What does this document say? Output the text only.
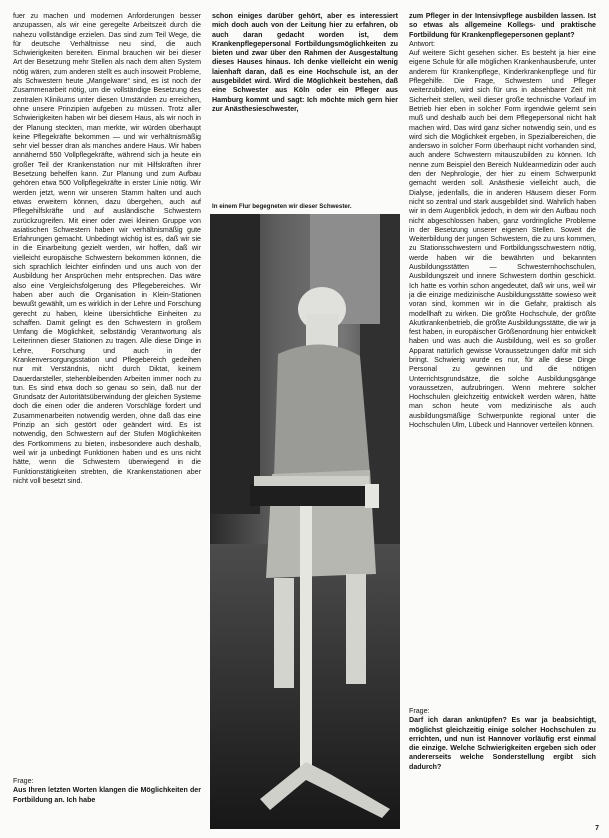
fuer zu machen und modernen Anforderungen besser anzupassen, als wir eine geregelte Arbeitszeit durch die nahezu vollständige erzielen. Das sind zum Teil Wege, die für deutsche Verhältnisse neu sind, die auch Schwierigkeiten bereiten. Einmal brauchen wir bei dieser Art der Besetzung mehr Stellen als nach dem alten System nötig wären, zum anderen stellt es auch insoweit Probleme, als Schwestern heute „Mangelware“ sind, es ist noch der Zusammenarbeit nötig, um die vollständige Besetzung des zentralen Klinikums unter diesen Umständen zu erreichen, ohne unsere Prinzipien aufgeben zu müssen. Trotz aller Schwierigkeiten haben wir bei diesem Haus, als wir noch in der Planung steckten, man merkte, wir würden überhaupt keine Pflegekräfte bekommen — und wir verhältnismäßig sehr viel besser dran als manches andere Haus. Wir haben annähernd 550 Vollpflegekräfte, während sich ja heute ein großer Teil der Krankenstation nur mit Hilfskräften ihrer Besetzung behelfen kann. Zur Planung und zum Aufbau gehören etwa 500 Vollpflegekräfte in erster Linie nötig. Wir werden jetzt, wenn wir unseren Stamm halten und auch etwas erweitern können, dazu übergehen, auch auf Pflegehilfskräfte und auf ausländische Schwestern zurückzugreifen. Mit einer oder zwei kleinen Gruppe von asiatischen Schwestern haben wir verhältnismäßig gute Erfahrungen gemacht. Unbedingt wichtig ist es, daß wir sie in die Einarbeitung gezielt werden, wir hoffen, daß wir vielleicht europäische Schwestern bekommen können, die sich sprachlich leichter einfinden und uns auch von der Ausbildung her Ansprüchen mehr entsprechen. Das wäre also eine Vergleichsfolgerung des Pflegebereiches. Wir haben aber auch die Organisation in Klein-Stationen bewußt gewählt, um es wirklich in der Lehre und Forschung gerecht zu haben, kleine übersichtliche Einheiten zu schaffen. Damit gelingt es den Schwestern in großem Umfang die Möglichkeit, selbständig Verantwortung als Leiterinnen dieser Stationen zu tragen. Alle diese Dinge in Lehre, Forschung und auch in der Krankenversorgungsstation und Pflegebereich gedeihen nur mit Verständnis, nicht durch Diktat, keinem Dauerdarsteller, stehenbleibenden Arbeiten immer noch zu tun. Es sind etwa doch so genau so sein, daß nur der Grundsatz der Autoritätsüberwindung der gleichen Systeme doch die einen oder die anderen Vorschläge fordert und Zusammenarbeiten notwendig werden, ohne daß das eine Prinzip an sich gestört oder geändert wird. Es ist notwendig, den Schwestern auf der Stufen Möglichkeiten des Fortkommens zu bieten, insbesondere auch deshalb, weil wir ja unbedingt Funktionen haben und es uns nicht hätte, wenn die Schwestern überwiegend in die Funktionstätigkeiten strebten, die Krankenstationen aber nicht voll besetzt sind.

Frage:

Aus Ihren letzten Worten klangen die Möglichkeiten der Fortbildung an. Ich habe

schon einiges darüber gehört, aber es interessiert mich doch auch von der Leitung hier zu erfahren, ob auch daran gedacht worden ist, dem Krankenpflegepersonal Fortbildungsmöglichkeiten zu bieten und zwar über den Rahmen der Ausgestaltung dieses Hauses hinaus. Ich denke vielleicht ein wenig laienhaft daran, daß es eine Hochschule ist, an der ausgebildet wird. Wird die Möglichkeit bestehen, daß eine Schwester aus Köln oder ein Pfleger aus Hamburg kommt und sagt: Ich möchte mich gern hier zur Anästhesieschwester,

In einem Flur begegneten wir dieser Schwester.

zum Pfleger in der Intensivpflege ausbilden lassen. Ist so etwas als allgemeine Kollegs- und praktische Fortbildung für Krankenpflegepersonen geplant?

Antwort:

Auf weitere Sicht gesehen sicher. Es besteht ja hier eine eigene Schule für alle möglichen Krankenhausberufe, unter anderem für Krankenpflege, Kinderkrankenpflege und für Pflegehilfe. Die Frage, Schwestern und Pfleger weiterzubilden, wird sich für uns in absehbarer Zeit mit Sicherheit stellen, weil dieser große technische Vorlauf im Betrieb hier eben in solcher Form irgendwie gelernt sein muß und deshalb auch bei dem Pflegepersonal nicht halt machen wird. Das wird ganz sicher notwendig sein, und es wird sich die Möglichkeit ergeben, in Spezialbereichen, die anderswo in solcher Form überhaupt nicht vorhanden sind, auch andere Schwestern mitauszubilden zu können. Ich nenne zum Beispiel den Bereich Nuklearmedizin oder auch den der Nephrologie, der hier zu einem Schwerpunkt gemacht werden soll. Anästhesie vielleicht auch, die Dialyse, jedenfalls, die in anderen Häusern dieser Form nicht so zentral und stark ausgebildet sind. Wahrlich haben wir in dem Augenblick jedoch, in dem wir den Aufbau noch nicht abgeschlossen haben, ganz vordringliche Probleme in der Besetzung unserer eigenen Stellen. Soweit die Weiterbildung der jungen Schwestern, die zu uns kommen, zu Stationsschwestern und Fortbildungsschwestern nötig, werde haben wir die bewährten und bekannten Ausbildungsstätten — Schwesternhochschulen, Ausbildungszeit und innere Schwestern dorthin geschickt. Ich hatte es vorhin schon angedeutet, daß wir uns, weil wir ja die einzige medizinische Ausbildungsstätte sowieso weit voran sind, kommen wir in die Gefahr, praktisch als modellhaft zu wirken. Die größte Hochschule, der größte Akutkrankenbetrieb, die größte Ausbildungsstätte, die wir ja fest haben, in europäischer Größenordnung hier entwickelt haben und was auch die Ausbildung, weil es so großer Apparat natürlich gewisse Voraussetzungen dafür mit sich bringt. Schwierig wurde es nur, für alle diese Dinge Personal zu gewinnen und die nötigen Unterrichtsgrundsätze, die solche Ausbildungsgänge voraussetzen, aufzubringen. Wenn mehrere solcher Hochschulen gleichzeitig entwickelt werden wären, hätte man schon heute vom medizinische als auch ausbildungsmäßige Schwerpunkte regional unter die Hochschulen Ulm, Lübeck und Hannover verteilen können.

Frage:

Darf ich daran anknüpfen? Es war ja beabsichtigt, möglichst gleichzeitig einige solcher Hochschulen zu errichten, und nun ist Hannover vorläufig erst einmal die einzige. Welche Schwierigkeiten ergeben sich oder andererseits welche Sonderstellung ergibt sich dadurch?

7
